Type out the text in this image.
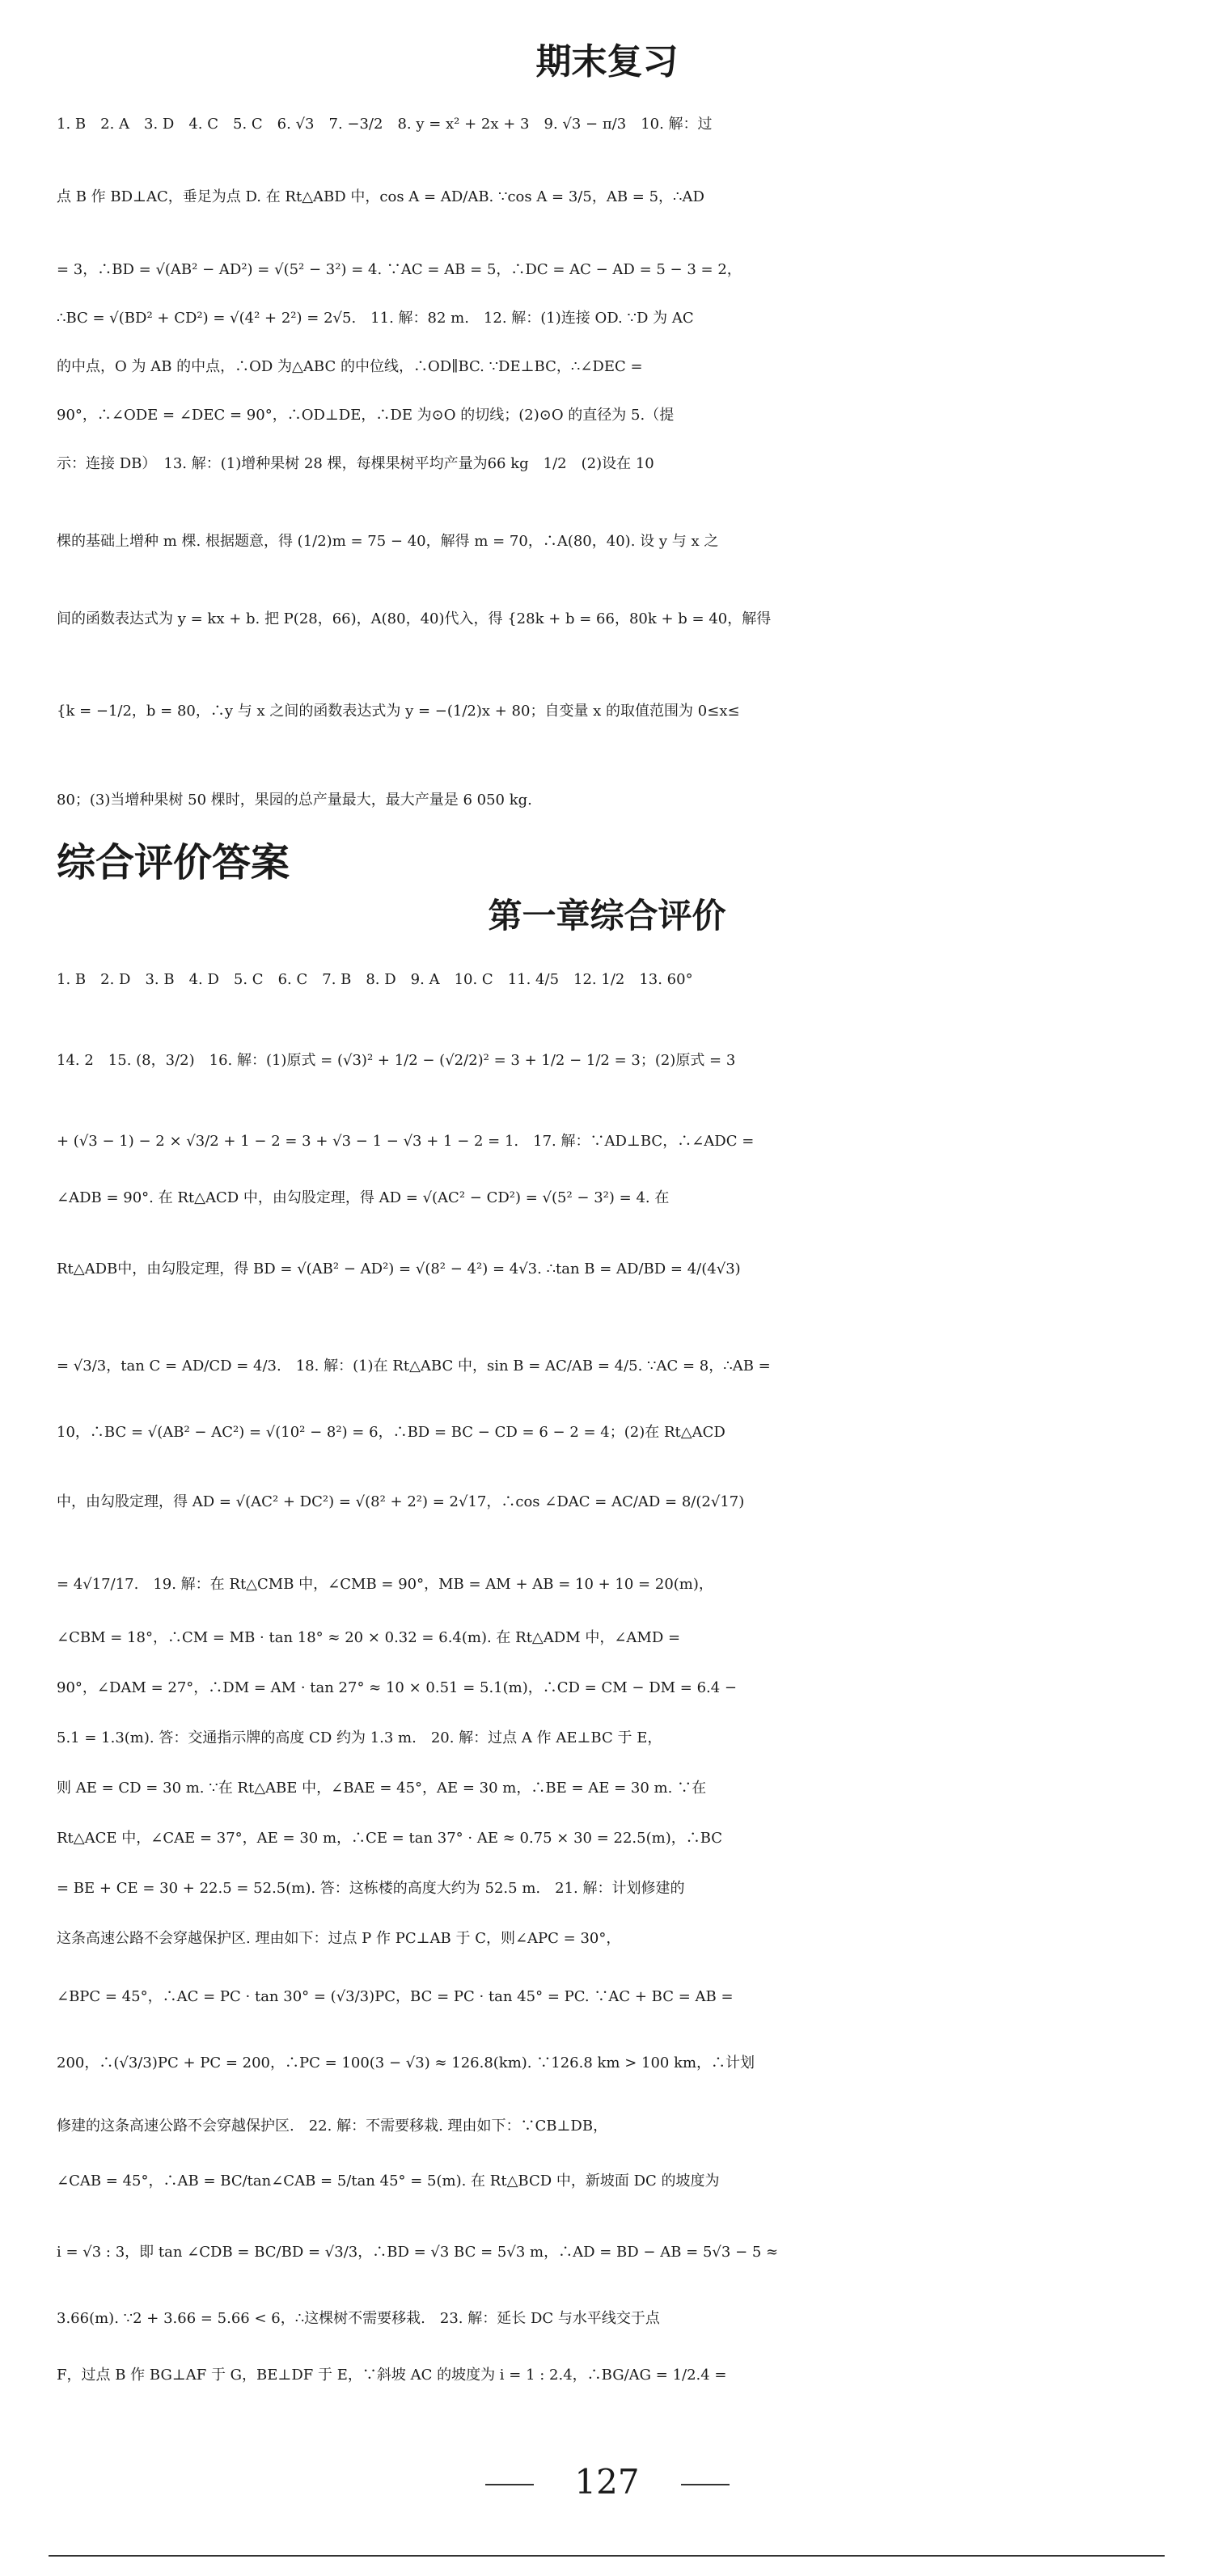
期末复习
1. B　2. A　3. D　4. C　5. C　6. √3　7. −3/2　8. y = x² + 2x + 3　9. √3 − π/3　10. 解：过
点 B 作 BD⊥AC，垂足为点 D. 在 Rt△ABD 中，cos A = AD/AB. ∵cos A = 3/5，AB = 5，∴AD
= 3，∴BD = √(AB² − AD²) = √(5² − 3²) = 4. ∵AC = AB = 5，∴DC = AC − AD = 5 − 3 = 2，
∴BC = √(BD² + CD²) = √(4² + 2²) = 2√5.　11. 解：82 m.　12. 解：(1)连接 OD. ∵D 为 AC
的中点，O 为 AB 的中点，∴OD 为△ABC 的中位线，∴OD∥BC. ∵DE⊥BC，∴∠DEC =
90°，∴∠ODE = ∠DEC = 90°，∴OD⊥DE，∴DE 为⊙O 的切线；(2)⊙O 的直径为 5.（提
示：连接 DB）　13. 解：(1)增种果树 28 棵，每棵果树平均产量为66 kg　1/2　(2)设在 10
棵的基础上增种 m 棵. 根据题意，得 (1/2)m = 75 − 40，解得 m = 70，∴A(80，40). 设 y 与 x 之
间的函数表达式为 y = kx + b. 把 P(28，66)，A(80，40)代入，得 {28k + b = 66，80k + b = 40，解得
{k = −1/2，b = 80，∴y 与 x 之间的函数表达式为 y = −(1/2)x + 80；自变量 x 的取值范围为 0≤x≤
80；(3)当增种果树 50 棵时，果园的总产量最大，最大产量是 6 050 kg.
综合评价答案
第一章综合评价
1. B　2. D　3. B　4. D　5. C　6. C　7. B　8. D　9. A　10. C　11. 4/5　12. 1/2　13. 60°
14. 2　15. (8，3/2)　16. 解：(1)原式 = (√3)² + 1/2 − (√2/2)² = 3 + 1/2 − 1/2 = 3；(2)原式 = 3
+ (√3 − 1) − 2 × √3/2 + 1 − 2 = 3 + √3 − 1 − √3 + 1 − 2 = 1.　17. 解：∵AD⊥BC，∴∠ADC =
∠ADB = 90°. 在 Rt△ACD 中，由勾股定理，得 AD = √(AC² − CD²) = √(5² − 3²) = 4. 在
Rt△ADB中，由勾股定理，得 BD = √(AB² − AD²) = √(8² − 4²) = 4√3. ∴tan B = AD/BD = 4/(4√3)
= √3/3，tan C = AD/CD = 4/3.　18. 解：(1)在 Rt△ABC 中，sin B = AC/AB = 4/5. ∵AC = 8，∴AB =
10，∴BC = √(AB² − AC²) = √(10² − 8²) = 6，∴BD = BC − CD = 6 − 2 = 4；(2)在 Rt△ACD
中，由勾股定理，得 AD = √(AC² + DC²) = √(8² + 2²) = 2√17，∴cos ∠DAC = AC/AD = 8/(2√17)
= 4√17/17.　19. 解：在 Rt△CMB 中，∠CMB = 90°，MB = AM + AB = 10 + 10 = 20(m)，
∠CBM = 18°，∴CM = MB · tan 18° ≈ 20 × 0.32 = 6.4(m). 在 Rt△ADM 中，∠AMD =
90°，∠DAM = 27°，∴DM = AM · tan 27° ≈ 10 × 0.51 = 5.1(m)，∴CD = CM − DM = 6.4 −
5.1 = 1.3(m). 答：交通指示牌的高度 CD 约为 1.3 m.　20. 解：过点 A 作 AE⊥BC 于 E，
则 AE = CD = 30 m. ∵在 Rt△ABE 中，∠BAE = 45°，AE = 30 m，∴BE = AE = 30 m. ∵在
Rt△ACE 中，∠CAE = 37°，AE = 30 m，∴CE = tan 37° · AE ≈ 0.75 × 30 = 22.5(m)，∴BC
= BE + CE = 30 + 22.5 = 52.5(m). 答：这栋楼的高度大约为 52.5 m.　21. 解：计划修建的
这条高速公路不会穿越保护区. 理由如下：过点 P 作 PC⊥AB 于 C，则∠APC = 30°，
∠BPC = 45°，∴AC = PC · tan 30° = (√3/3)PC，BC = PC · tan 45° = PC. ∵AC + BC = AB =
200，∴(√3/3)PC + PC = 200，∴PC = 100(3 − √3) ≈ 126.8(km). ∵126.8 km > 100 km，∴计划
修建的这条高速公路不会穿越保护区.　22. 解：不需要移栽. 理由如下：∵CB⊥DB，
∠CAB = 45°，∴AB = BC/tan∠CAB = 5/tan 45° = 5(m). 在 Rt△BCD 中，新坡面 DC 的坡度为
i = √3 : 3，即 tan ∠CDB = BC/BD = √3/3，∴BD = √3 BC = 5√3 m，∴AD = BD − AB = 5√3 − 5 ≈
3.66(m). ∵2 + 3.66 = 5.66 < 6，∴这棵树不需要移栽.　23. 解：延长 DC 与水平线交于点
F，过点 B 作 BG⊥AF 于 G，BE⊥DF 于 E，∵斜坡 AC 的坡度为 i = 1 : 2.4，∴BG/AG = 1/2.4 =
127
